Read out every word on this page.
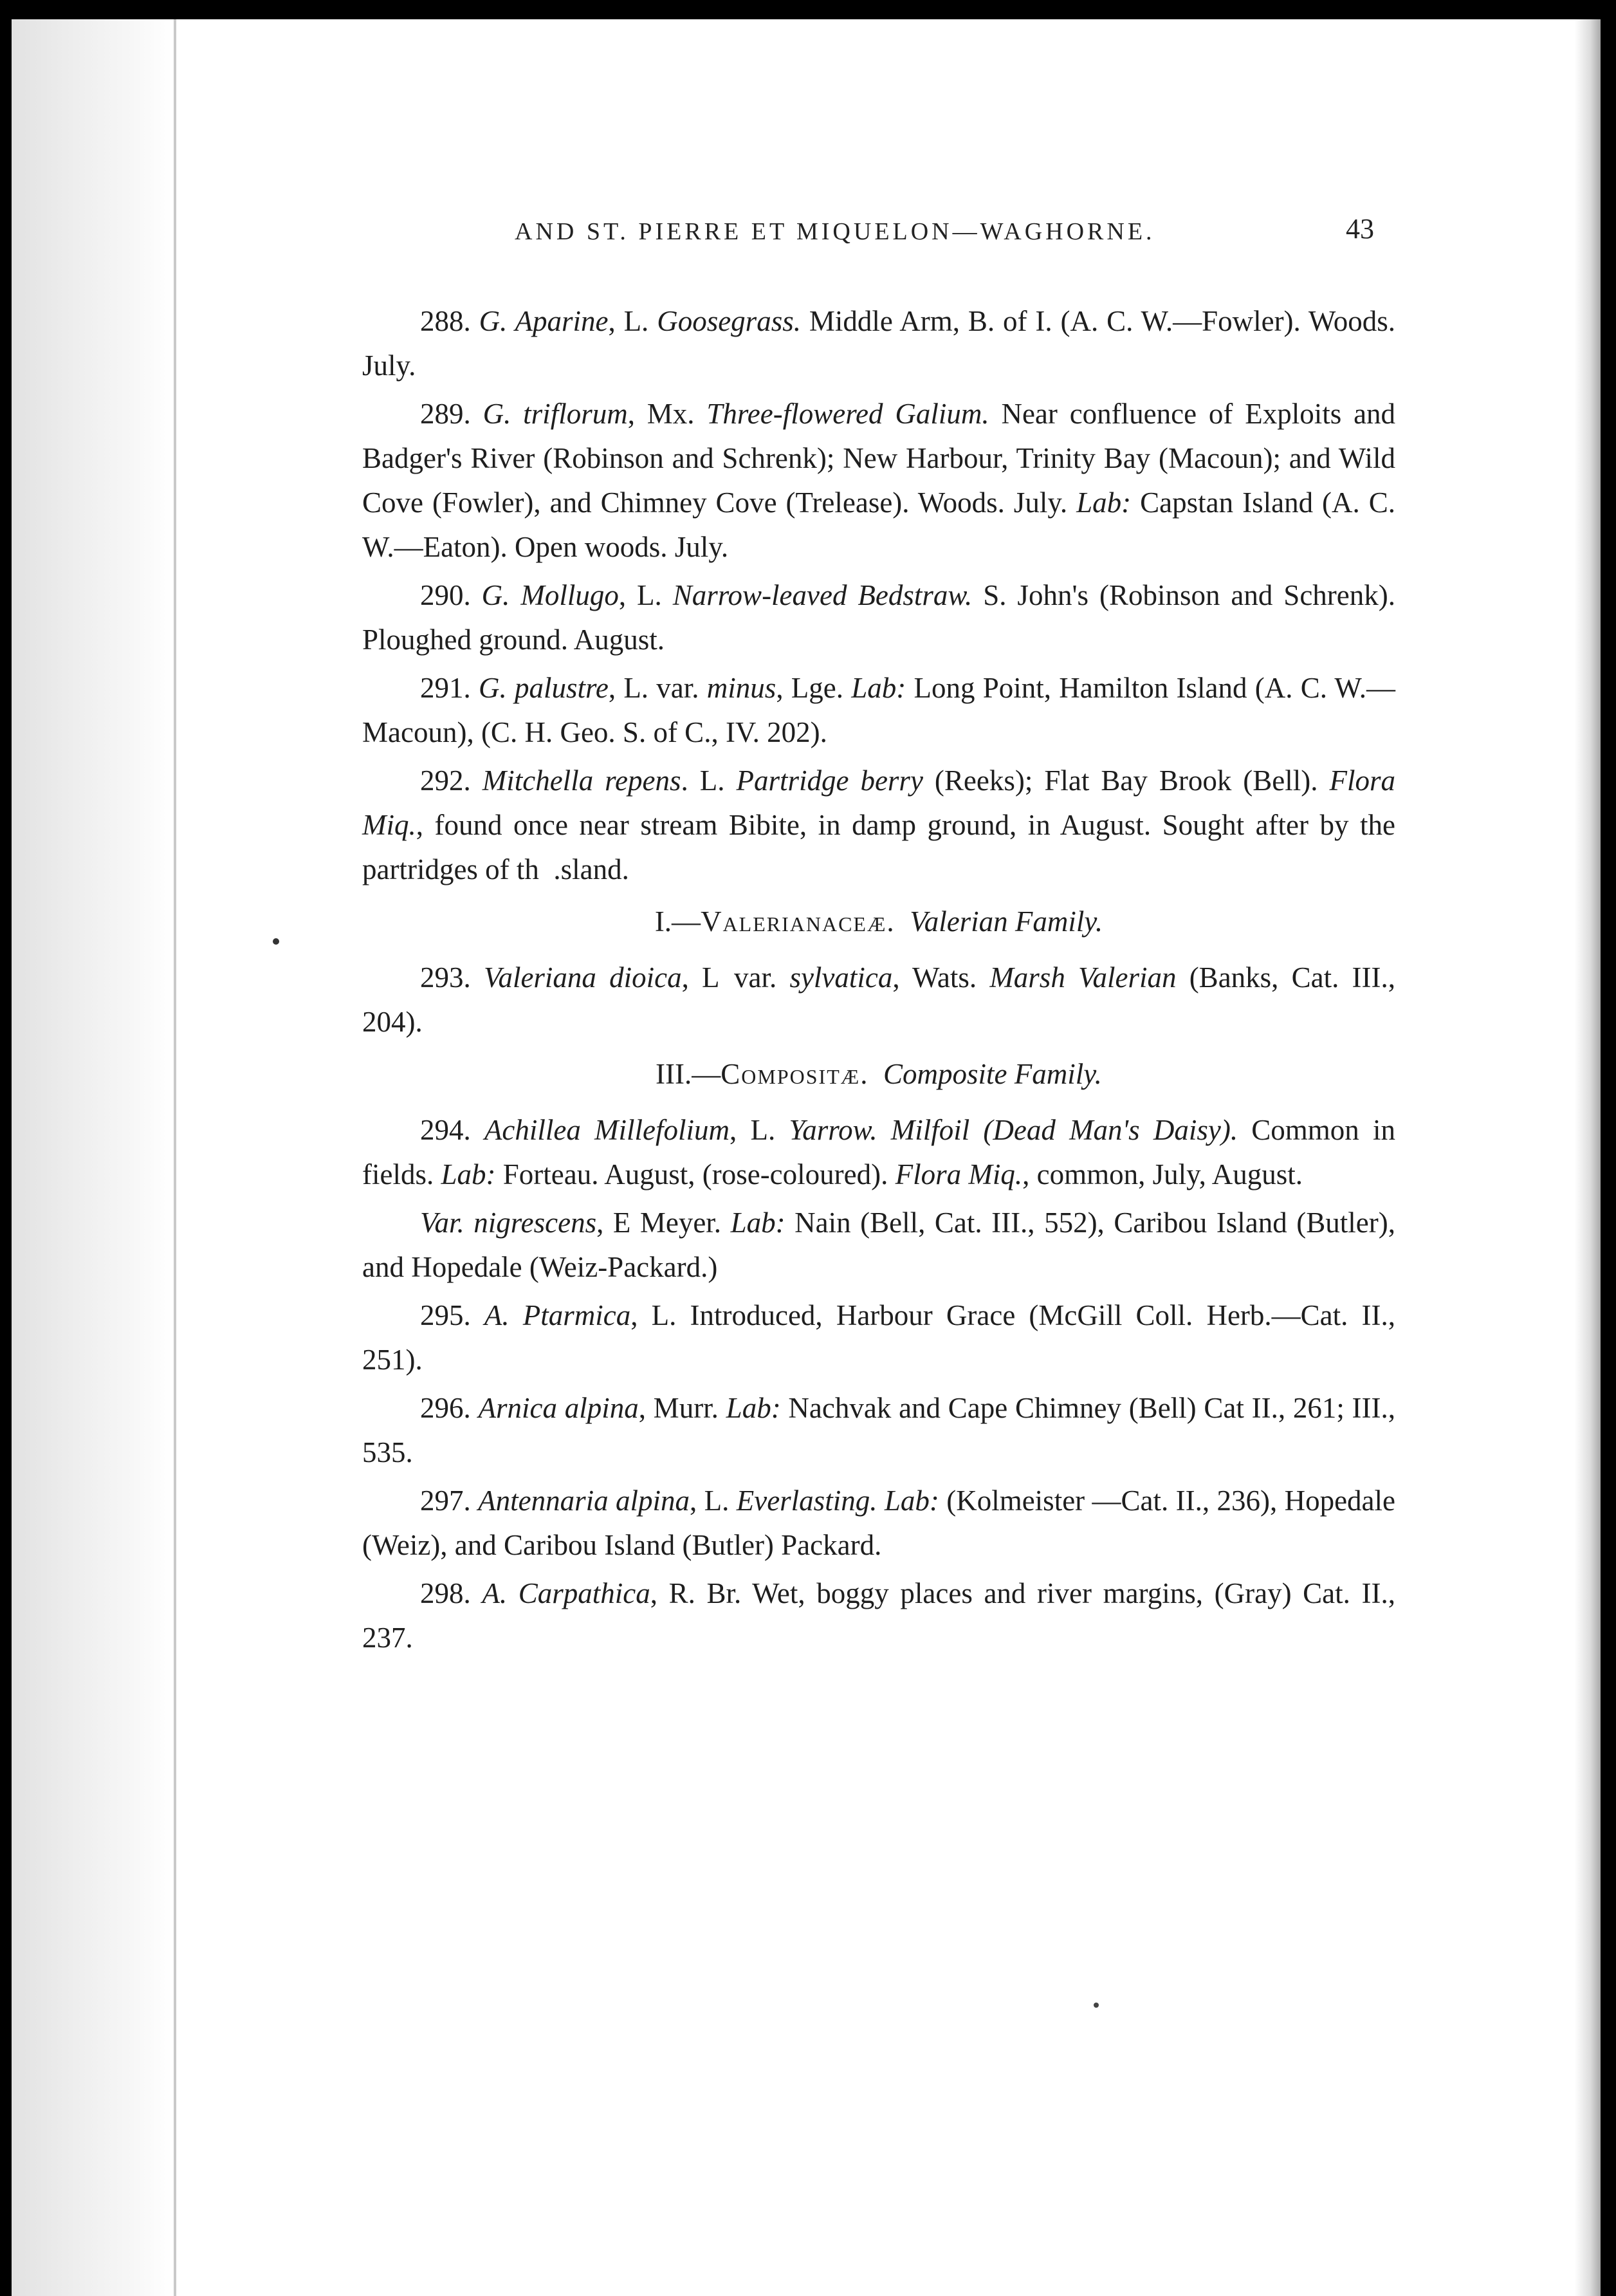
AND ST. PIERRE ET MIQUELON—WAGHORNE.	43

288. G. Aparine, L. Goosegrass. Middle Arm, B. of I. (A. C. W.—Fowler). Woods. July.

289. G. triflorum, Mx. Three-flowered Galium. Near confluence of Exploits and Badger's River (Robinson and Schrenk); New Harbour, Trinity Bay (Macoun); and Wild Cove (Fowler), and Chimney Cove (Trelease). Woods. July. Lab: Capstan Island (A. C. W.—Eaton). Open woods. July.

290. G. Mollugo, L. Narrow-leaved Bedstraw. S. John's (Robinson and Schrenk). Ploughed ground. August.

291. G. palustre, L. var. minus, Lge. Lab: Long Point, Hamilton Island (A. C. W.—Macoun), (C. H. Geo. S. of C., IV. 202).

292. Mitchella repens. L. Partridge berry (Reeks); Flat Bay Brook (Bell). Flora Miq., found once near stream Bibite, in damp ground, in August. Sought after by the partridges of th .sland.

I.—Valerianaceæ. Valerian Family.

293. Valeriana dioica, L var. sylvatica, Wats. Marsh Valerian (Banks, Cat. III., 204).

III.—Compositæ. Composite Family.

294. Achillea Millefolium, L. Yarrow. Milfoil (Dead Man's Daisy). Common in fields. Lab: Forteau. August, (rose-coloured). Flora Miq., common, July, August.

Var. nigrescens, E Meyer. Lab: Nain (Bell, Cat. III., 552), Caribou Island (Butler), and Hopedale (Weiz-Packard.)

295. A. Ptarmica, L. Introduced, Harbour Grace (McGill Coll. Herb.—Cat. II., 251).

296. Arnica alpina, Murr. Lab: Nachvak and Cape Chimney (Bell) Cat II., 261; III., 535.

297. Antennaria alpina, L. Everlasting. Lab: (Kolmeister —Cat. II., 236), Hopedale (Weiz), and Caribou Island (Butler) Packard.

298. A. Carpathica, R. Br. Wet, boggy places and river margins, (Gray) Cat. II., 237.
